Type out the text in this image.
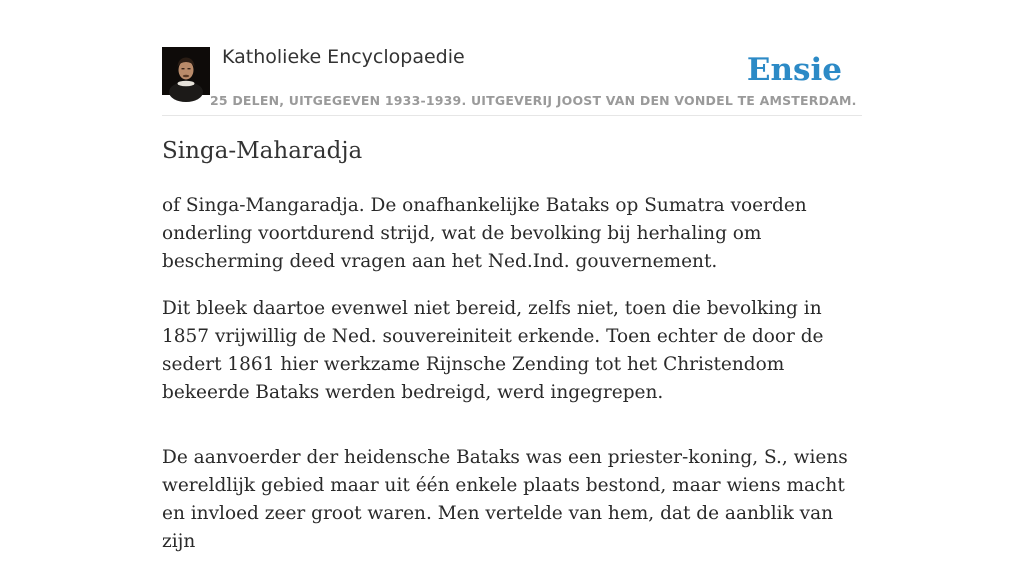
Katholieke Encyclopaedie
25 DELEN, UITGEGEVEN 1933-1939. UITGEVERIJ JOOST VAN DEN VONDEL TE AMSTERDAM.
Ensie
Singa-Maharadja

of Singa-Mangaradja. De onafhankelijke Bataks op Sumatra voerden onderling voortdurend strijd, wat de bevolking bij herhaling om bescherming deed vragen aan het Ned.Ind. gouvernement.

Dit bleek daartoe evenwel niet bereid, zelfs niet, toen die bevolking in 1857 vrijwillig de Ned. souvereiniteit erkende. Toen echter de door de sedert 1861 hier werkzame Rijnsche Zending tot het Christendom bekeerde Bataks werden bedreigd, werd ingegrepen.

De aanvoerder der heidensche Bataks was een priester-koning, S., wiens wereldlijk gebied maar uit één enkele plaats bestond, maar wiens macht en invloed zeer groot waren. Men vertelde van hem, dat de aanblik van zijn
